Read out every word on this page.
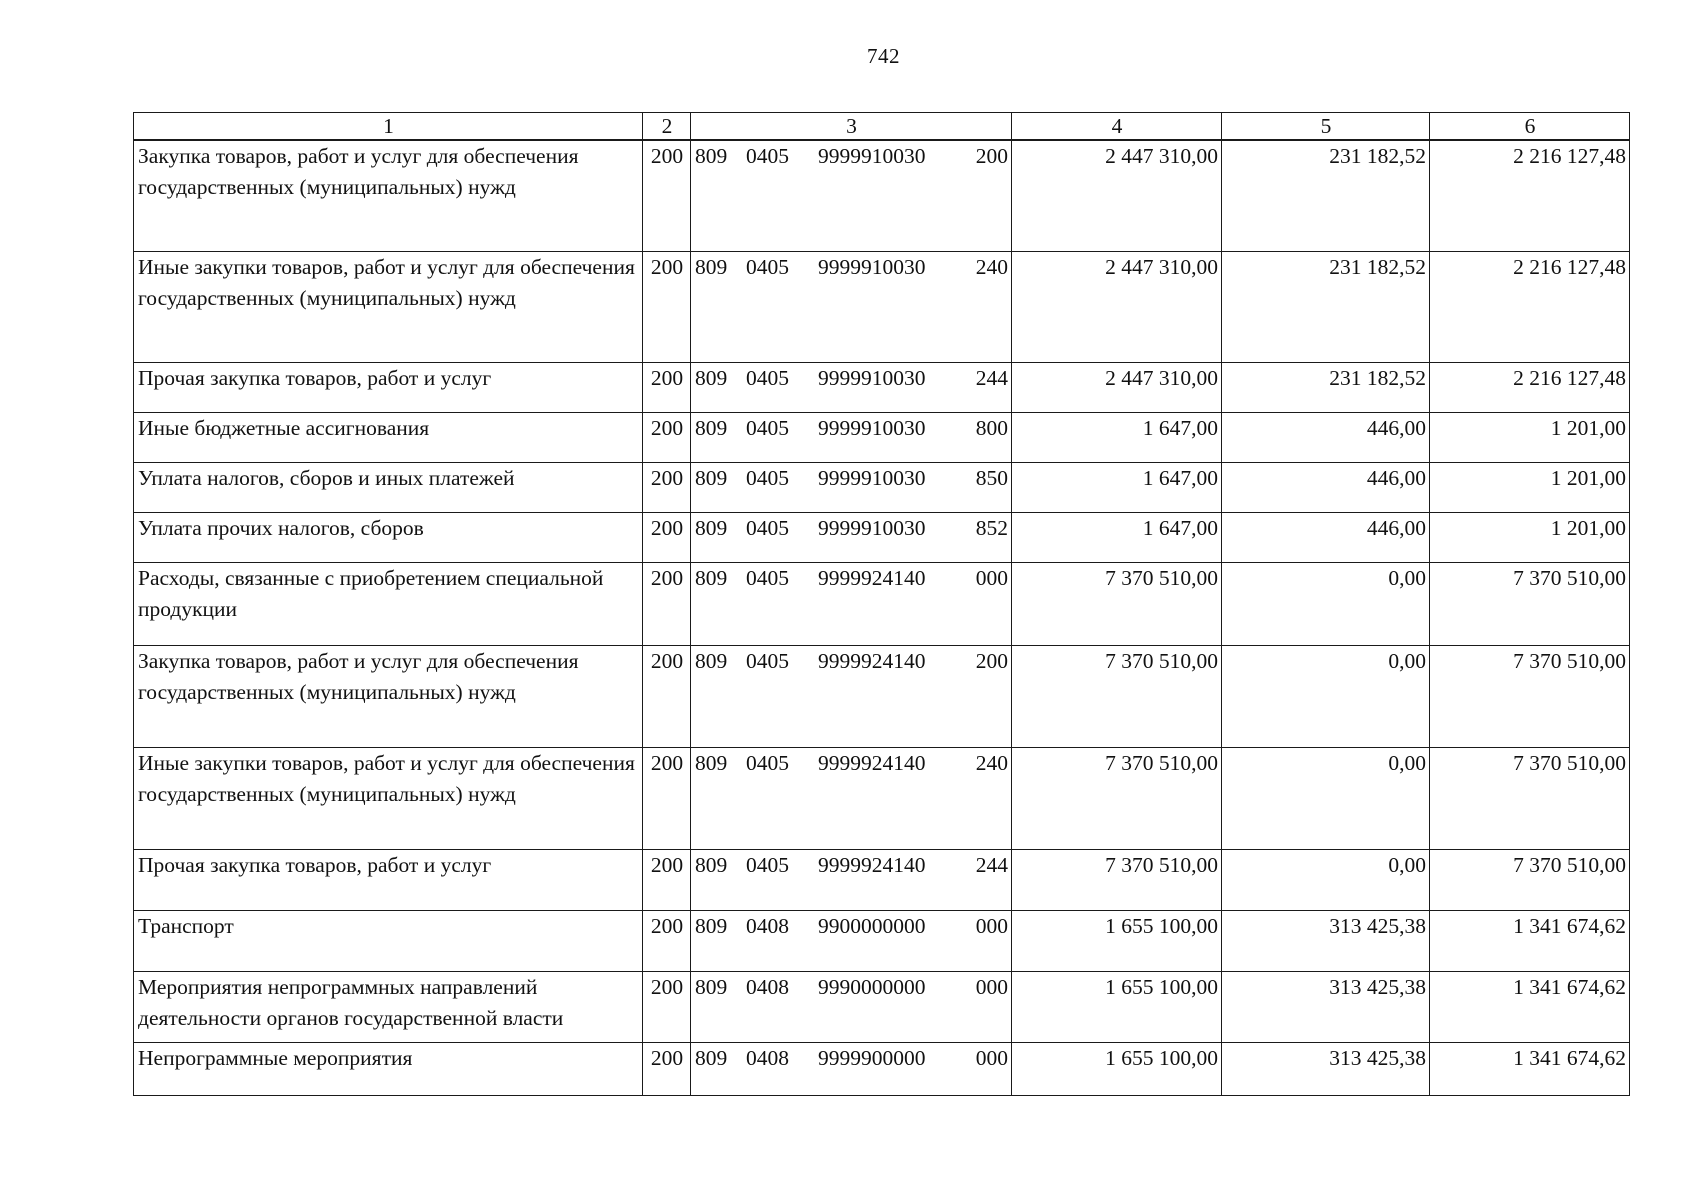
742
1	2	3	4	5	6
Закупка товаров, работ и услуг для обеспечения государственных (муниципальных) нужд	200	809 0405 9999910030 200	2 447 310,00	231 182,52	2 216 127,48
Иные закупки товаров, работ и услуг для обеспечения государственных (муниципальных) нужд	200	809 0405 9999910030 240	2 447 310,00	231 182,52	2 216 127,48
Прочая закупка товаров, работ и услуг	200	809 0405 9999910030 244	2 447 310,00	231 182,52	2 216 127,48
Иные бюджетные ассигнования	200	809 0405 9999910030 800	1 647,00	446,00	1 201,00
Уплата налогов, сборов и иных платежей	200	809 0405 9999910030 850	1 647,00	446,00	1 201,00
Уплата прочих налогов, сборов	200	809 0405 9999910030 852	1 647,00	446,00	1 201,00
Расходы, связанные с приобретением специальной продукции	200	809 0405 9999924140 000	7 370 510,00	0,00	7 370 510,00
Закупка товаров, работ и услуг для обеспечения государственных (муниципальных) нужд	200	809 0405 9999924140 200	7 370 510,00	0,00	7 370 510,00
Иные закупки товаров, работ и услуг для обеспечения государственных (муниципальных) нужд	200	809 0405 9999924140 240	7 370 510,00	0,00	7 370 510,00
Прочая закупка товаров, работ и услуг	200	809 0405 9999924140 244	7 370 510,00	0,00	7 370 510,00
Транспорт	200	809 0408 9900000000 000	1 655 100,00	313 425,38	1 341 674,62
Мероприятия непрограммных направлений деятельности органов государственной власти	200	809 0408 9990000000 000	1 655 100,00	313 425,38	1 341 674,62
Непрограммные мероприятия	200	809 0408 9999900000 000	1 655 100,00	313 425,38	1 341 674,62
